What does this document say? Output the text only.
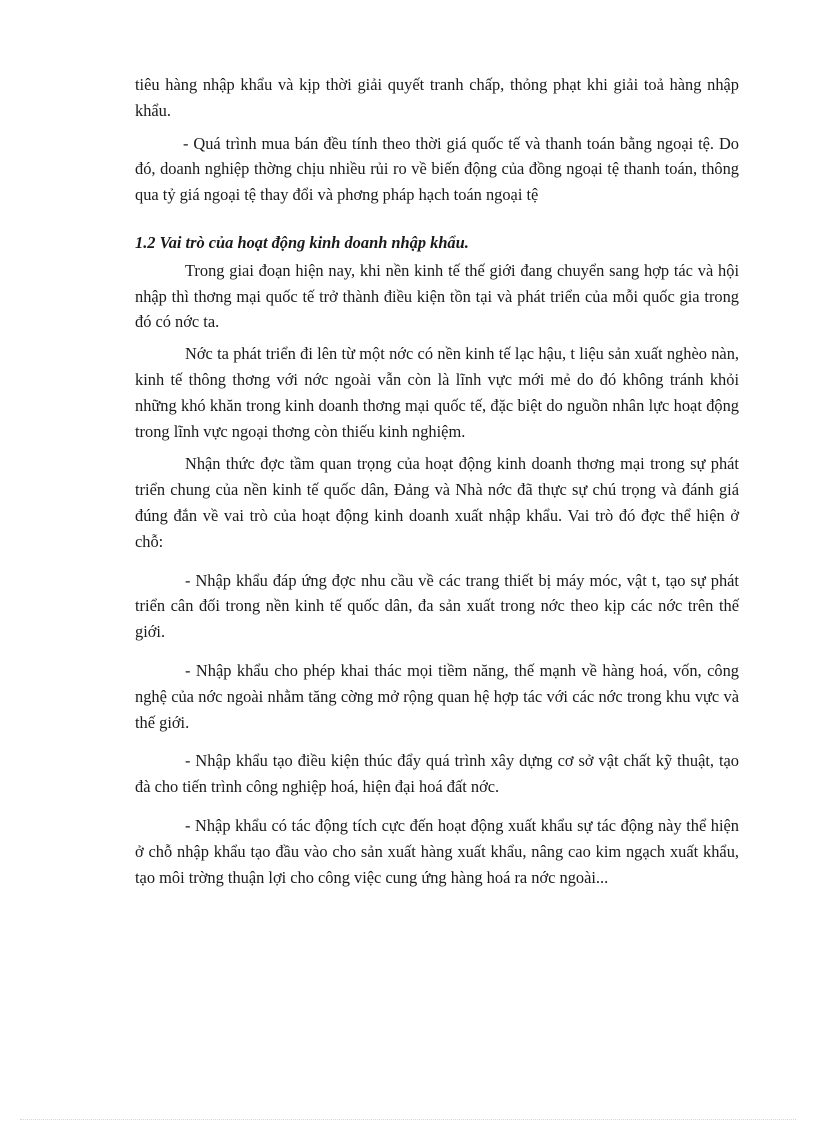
tiêu hàng nhập khẩu và kịp thời giải quyết tranh chấp, thỏng phạt khi giải toả hàng nhập khẩu.

- Quá trình mua bán đều tính theo thời giá quốc tế và thanh toán bằng ngoại tệ. Do đó, doanh nghiệp thờng chịu nhiều rủi ro về biến động của đồng ngoại tệ thanh toán, thông qua tỷ giá ngoại tệ thay đổi và phơng pháp hạch toán ngoại tệ

1.2 Vai trò của hoạt động kinh doanh nhập khẩu.

Trong giai đoạn hiện nay, khi nền kinh tế thế giới đang chuyển sang hợp tác và hội nhập thì thơng mại quốc tế trở thành điều kiện tồn tại và phát triển của mỗi quốc gia trong đó có nớc ta.

Nớc ta phát triển đi lên từ một nớc có nền kinh tế lạc hậu, t liệu sản xuất nghèo nàn, kinh tế thông thơng với nớc ngoài vẫn còn là lĩnh vực mới mẻ do đó không tránh khỏi những khó khăn trong kinh doanh thơng mại quốc tế, đặc biệt do nguồn nhân lực hoạt động trong lĩnh vực ngoại thơng còn thiếu kinh nghiệm.

Nhận thức đợc tầm quan trọng của hoạt động kinh doanh thơng mại trong sự phát triển chung của nền kinh tế quốc dân, Đảng và Nhà nớc đã thực sự chú trọng và đánh giá đúng đắn về vai trò của hoạt động kinh doanh xuất nhập khẩu. Vai trò đó đợc thể hiện ở chỗ:

- Nhập khẩu đáp ứng đợc nhu cầu về các trang thiết bị máy móc, vật t, tạo sự phát triển cân đối trong nền kinh tế quốc dân, đa sản xuất trong nớc theo kịp các nớc trên thế giới.

- Nhập khẩu cho phép khai thác mọi tiềm năng, thế mạnh về hàng hoá, vốn, công nghệ của nớc ngoài nhằm tăng cờng mở rộng quan hệ hợp tác với các nớc trong khu vực và thế giới.

- Nhập khẩu tạo điều kiện thúc đẩy quá trình xây dựng cơ sở vật chất kỹ thuật, tạo đà cho tiến trình công nghiệp hoá, hiện đại hoá đất nớc.

- Nhập khẩu có tác động tích cực đến hoạt động xuất khẩu sự tác động này thể hiện ở chỗ nhập khẩu tạo đầu vào cho sản xuất hàng xuất khẩu, nâng cao kim ngạch xuất khẩu, tạo môi trờng thuận lợi cho công việc cung ứng hàng hoá ra nớc ngoài...
